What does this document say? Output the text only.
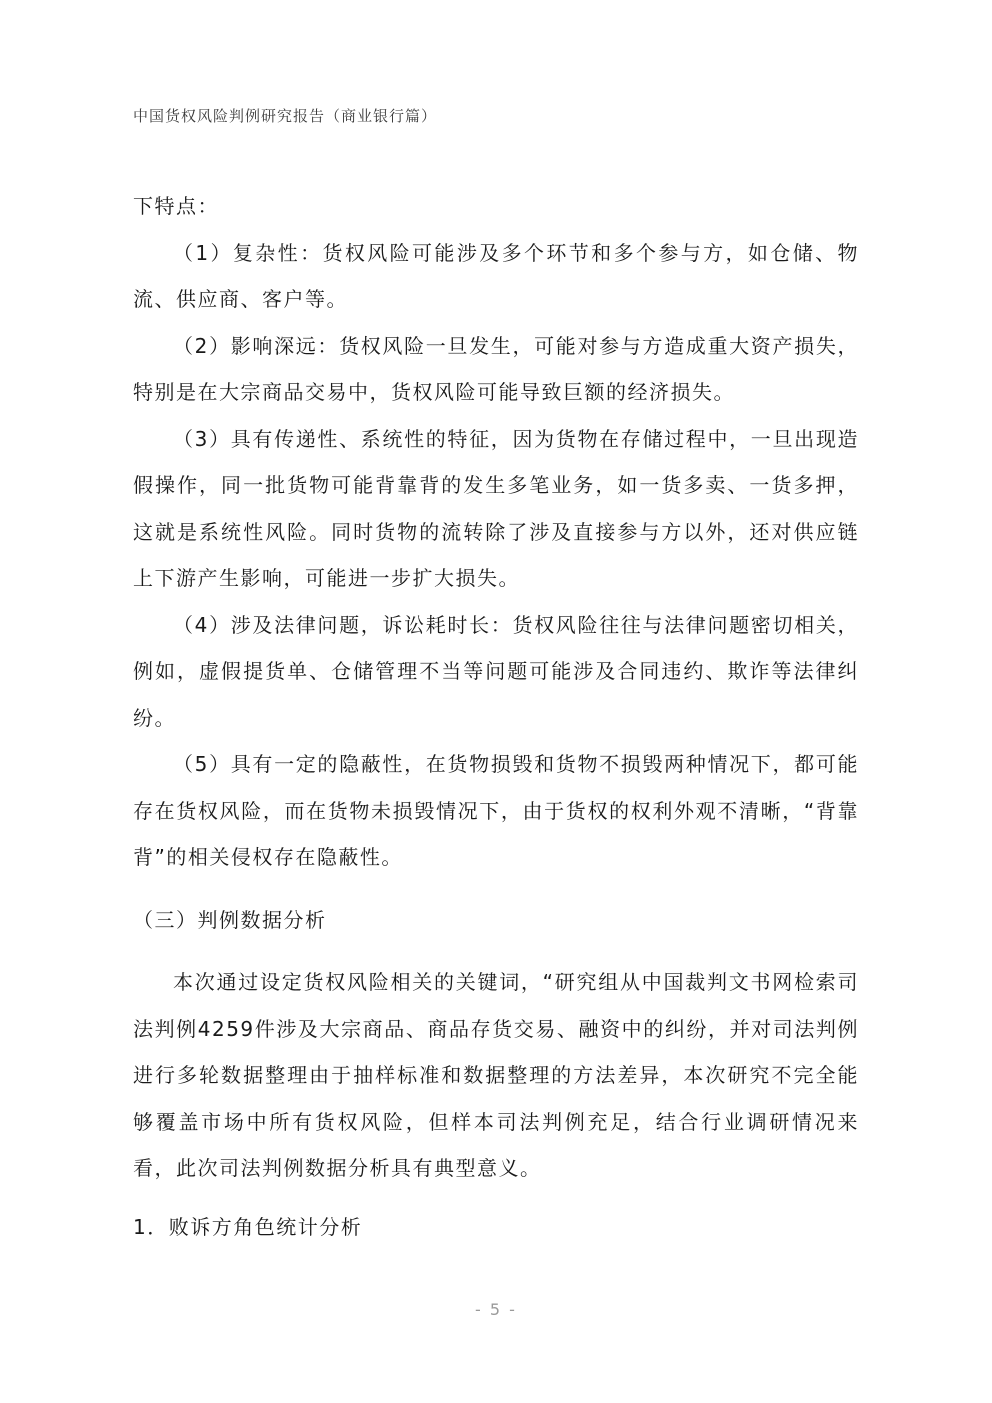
中国货权风险判例研究报告（商业银行篇）

下特点：

（1）复杂性：货权风险可能涉及多个环节和多个参与方，如仓储、物流、供应商、客户等。

（2）影响深远：货权风险一旦发生，可能对参与方造成重大资产损失，特别是在大宗商品交易中，货权风险可能导致巨额的经济损失。

（3）具有传递性、系统性的特征，因为货物在存储过程中，一旦出现造假操作，同一批货物可能背靠背的发生多笔业务，如一货多卖、一货多押，这就是系统性风险。同时货物的流转除了涉及直接参与方以外，还对供应链上下游产生影响，可能进一步扩大损失。

（4）涉及法律问题，诉讼耗时长：货权风险往往与法律问题密切相关，例如，虚假提货单、仓储管理不当等问题可能涉及合同违约、欺诈等法律纠纷。

（5）具有一定的隐蔽性，在货物损毁和货物不损毁两种情况下，都可能存在货权风险，而在货物未损毁情况下，由于货权的权利外观不清晰，“背靠背”的相关侵权存在隐蔽性。

（三）判例数据分析

本次通过设定货权风险相关的关键词，“研究组从中国裁判文书网检索司法判例4259件涉及大宗商品、商品存货交易、融资中的纠纷，并对司法判例进行多轮数据整理由于抽样标准和数据整理的方法差异，本次研究不完全能够覆盖市场中所有货权风险，但样本司法判例充足，结合行业调研情况来看，此次司法判例数据分析具有典型意义。

1．败诉方角色统计分析

- 5 -
